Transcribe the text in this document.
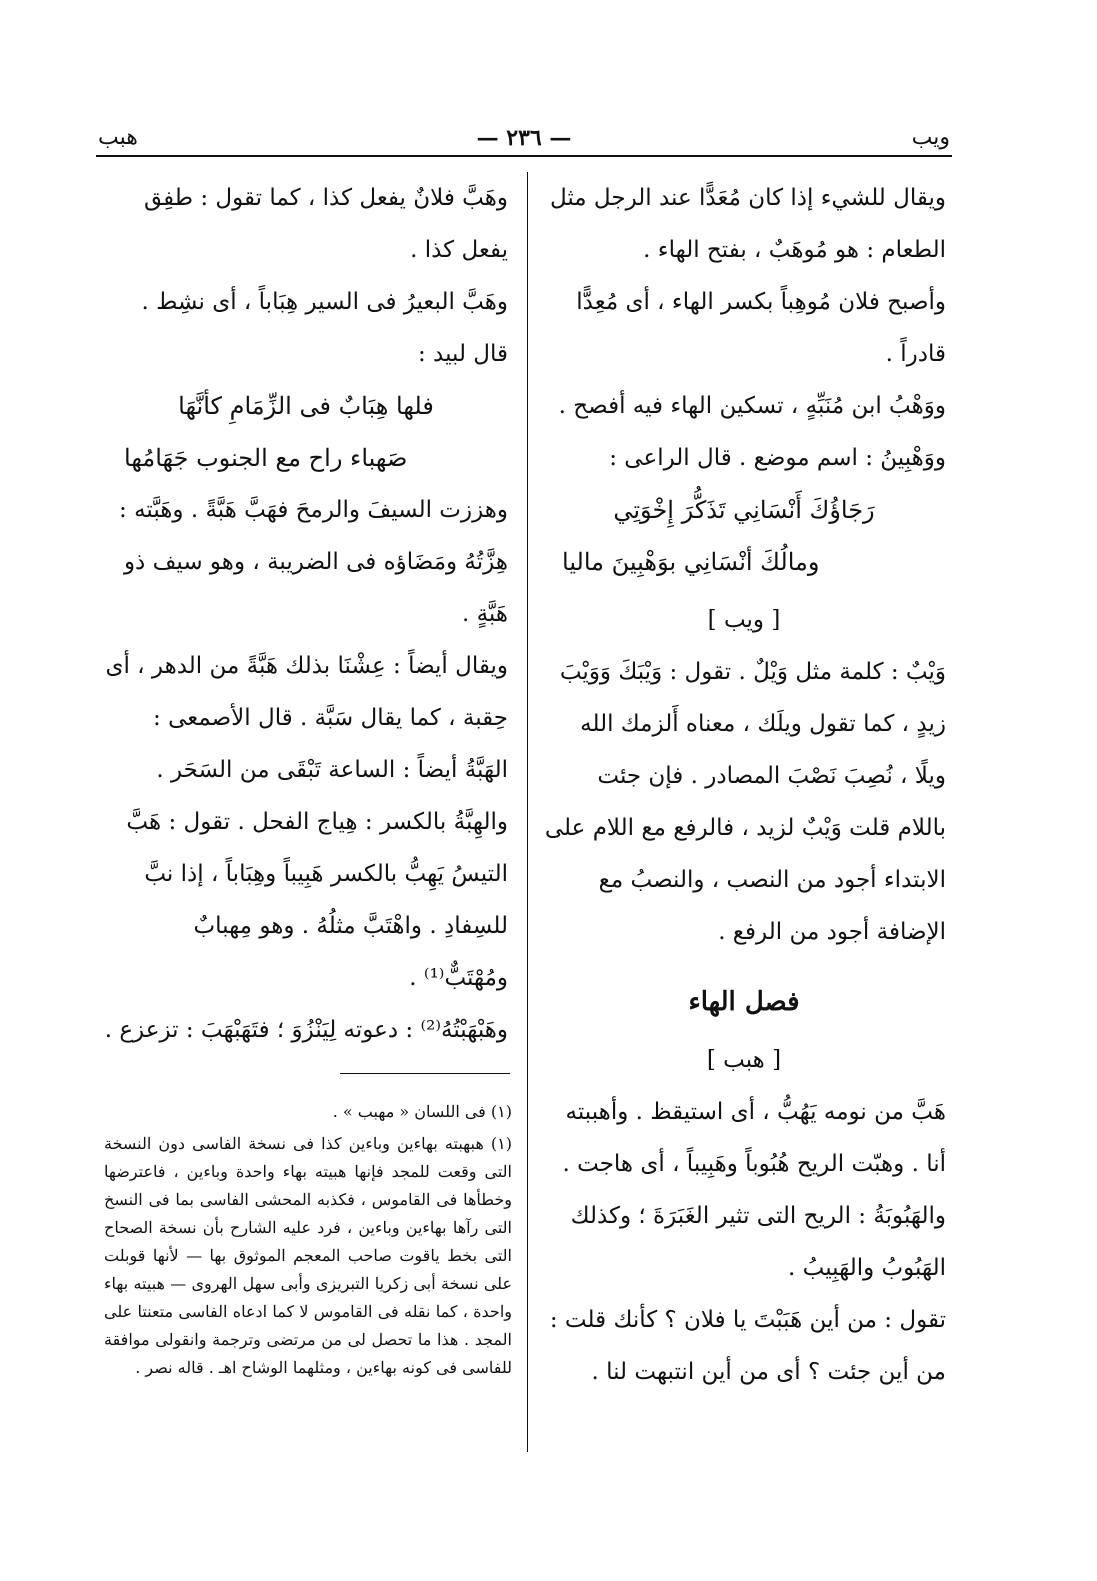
ويب
— ٢٣٦ —
هبب

ويقال للشيء إذا كان مُعَدًّا عند الرجل مثل الطعام : هو مُوهَبٌ ، بفتح الهاء .

وأصبح فلان مُوهِباً بكسر الهاء ، أى مُعِدًّا قادراً .

ووَهْبُ ابن مُنَبِّهٍ ، تسكين الهاء فيه أفصح .

ووَهْبِينُ : اسم موضع . قال الراعى :

رَجَاؤُكَ أَنْسَانِي تَذَكُّرَ إِخْوَتِي

ومالُكَ أنْسَانِي بوَهْبِينَ ماليا

[ ويب ]

وَيْبٌ : كلمة مثل وَيْلٌ . تقول : وَيْبَكَ وَوَيْبَ زيدٍ ، كما تقول ويلَك ، معناه أَلزمك الله ويلًا ، نُصِبَ نَصْبَ المصادر . فإن جئت باللام قلت وَيْبٌ لزيد ، فالرفع مع اللام على الابتداء أجود من النصب ، والنصبُ مع الإضافة أجود من الرفع .

فصل الهاء

[ هبب ]

هَبَّ من نومه يَهُبُّ ، أى استيقظ . وأهببته أنا . وهبّت الريح هُبُوباً وهَبِيباً ، أى هاجت . والهَبُوبَةُ : الريح التى تثير الغَبَرَةَ ؛ وكذلك الهَبُوبُ والهَبِيبُ .

تقول : من أين هَبَبْتَ يا فلان ؟ كأنك قلت : من أين جئت ؟ أى من أين انتبهت لنا .

وهَبَّ فلانٌ يفعل كذا ، كما تقول : طفِق يفعل كذا .

وهَبَّ البعيرُ فى السير هِبَاباً ، أى نشِط .

قال لبيد :

فلها هِبَابٌ فى الزِّمَامِ كأنَّهَا

صَهباء راح مع الجنوب جَهَامُها

وهززت السيفَ والرمحَ فهَبَّ هَبَّةً . وهَبَّته : هِزَّتُهُ ومَضَاؤه فى الضريبة ، وهو سيف ذو هَبَّةٍ .

ويقال أيضاً : عِشْنَا بذلك هَبَّةً من الدهر ، أى حِقبة ، كما يقال سَبَّة . قال الأصمعى : الهَبَّةُ أيضاً : الساعة تَبْقَى من السَحَر .

والهِبَّةُ بالكسر : هِياج الفحل . تقول : هَبَّ التيسُ يَهِبُّ بالكسر هَبِيباً وهِبَاباً ، إذا نبَّ للسِفادِ . واهْتَبَّ مثلُهُ . وهو مِهبابٌ ومُهْتَبٌّ⁽¹⁾ .

وهَبْهَبْتُهُ⁽²⁾ : دعوته لِيَنْزُوَ ؛ فتَهَبْهَبَ : تزعزع .

(١) فى اللسان « مهبب » .

(١) هبهبته بهاءين وباءين كذا فى نسخة الفاسى دون النسخة التى وقعت للمجد فإنها هبيته بهاء واحدة وباءين ، فاعترضها وخطأها فى القاموس ، فكذبه المحشى الفاسى بما فى النسخ التى رآها بهاءين وباءين ، فرد عليه الشارح بأن نسخة الصحاح التى بخط ياقوت صاحب المعجم الموثوق بها — لأنها قوبلت على نسخة أبى زكريا التبريزى وأبى سهل الهروى — هبيته بهاء واحدة ، كما نقله فى القاموس لا كما ادعاه الفاسى متعنتا على المجد . هذا ما تحصل لى من مرتضى وترجمة وانقولى موافقة للفاسى فى كونه بهاءين ، ومثلهما الوشاح اهـ . قاله نصر .
